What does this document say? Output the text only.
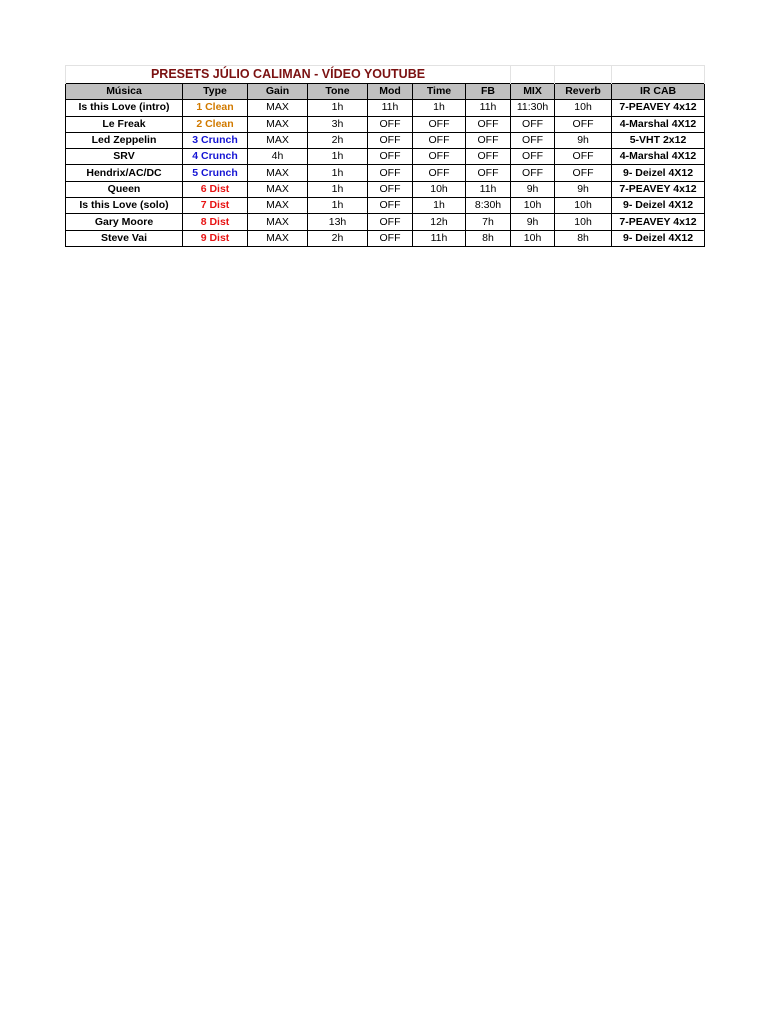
PRESETS JÚLIO CALIMAN - VÍDEO YOUTUBE									
Música	Type	Gain	Tone	Mod	Time	FB	MIX	Reverb	IR CAB
Is this Love (intro)	1 Clean	MAX	1h	11h	1h	11h	11:30h	10h	7-PEAVEY 4x12
Le Freak	2 Clean	MAX	3h	OFF	OFF	OFF	OFF	OFF	4-Marshal 4X12
Led Zeppelin	3 Crunch	MAX	2h	OFF	OFF	OFF	OFF	9h	5-VHT 2x12
SRV	4 Crunch	4h	1h	OFF	OFF	OFF	OFF	OFF	4-Marshal 4X12
Hendrix/AC/DC	5 Crunch	MAX	1h	OFF	OFF	OFF	OFF	OFF	9- Deizel 4X12
Queen	6 Dist	MAX	1h	OFF	10h	11h	9h	9h	7-PEAVEY 4x12
Is this Love (solo)	7 Dist	MAX	1h	OFF	1h	8:30h	10h	10h	9- Deizel 4X12
Gary Moore	8 Dist	MAX	13h	OFF	12h	7h	9h	10h	7-PEAVEY 4x12
Steve Vai	9 Dist	MAX	2h	OFF	11h	8h	10h	8h	9- Deizel 4X12
